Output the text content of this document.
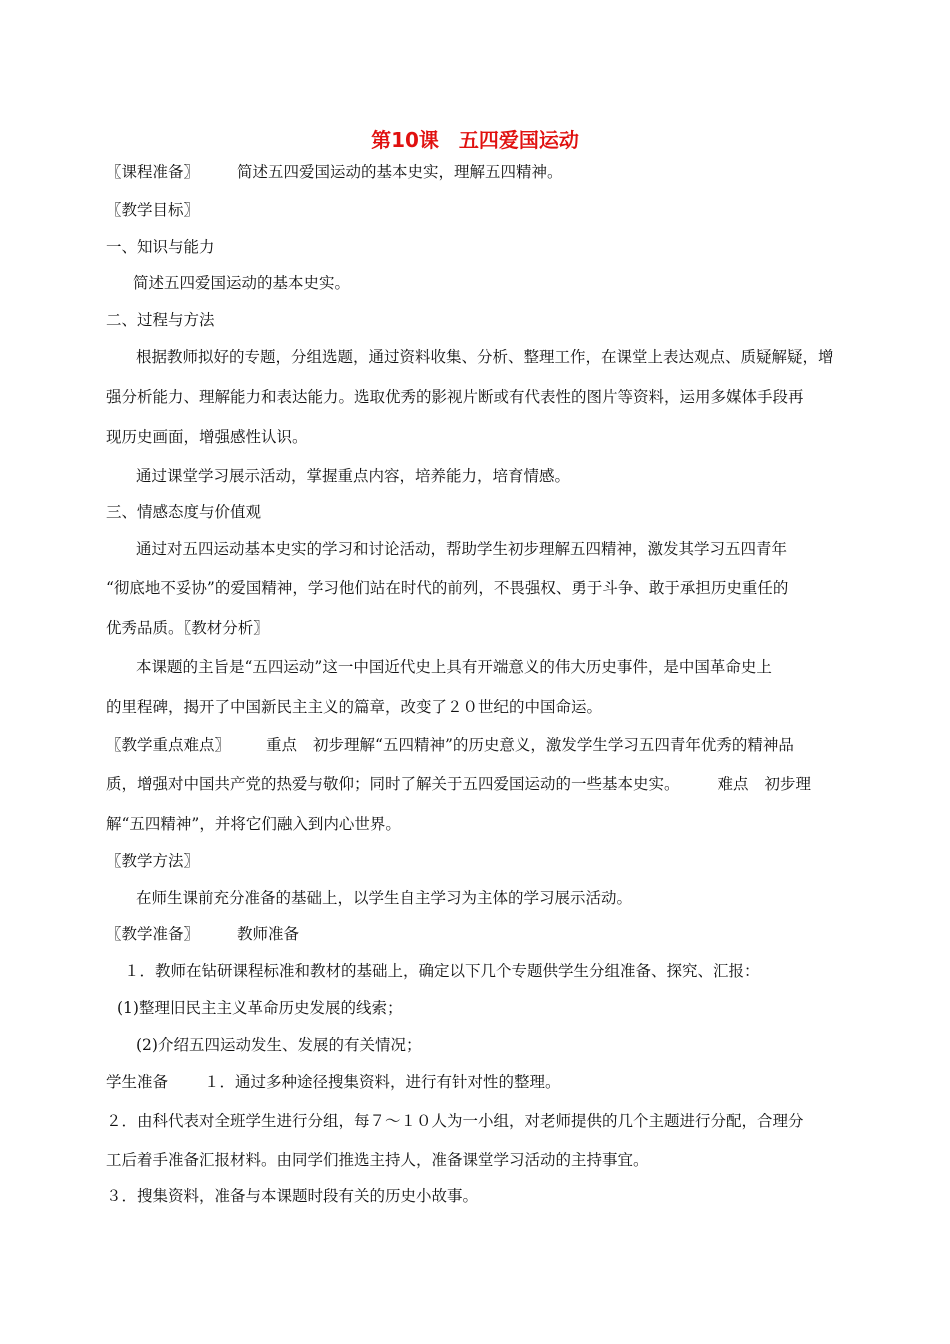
第10课　五四爱国运动
〖课程准备〗 简述五四爱国运动的基本史实，理解五四精神。
〖教学目标〗
一、知识与能力
简述五四爱国运动的基本史实。
二、过程与方法
根据教师拟好的专题，分组选题，通过资料收集、分析、整理工作，在课堂上表达观点、质疑解疑，增
强分析能力、理解能力和表达能力。选取优秀的影视片断或有代表性的图片等资料，运用多媒体手段再
现历史画面，增强感性认识。
通过课堂学习展示活动，掌握重点内容，培养能力，培育情感。
三、情感态度与价值观
通过对五四运动基本史实的学习和讨论活动，帮助学生初步理解五四精神，激发其学习五四青年
“彻底地不妥协”的爱国精神，学习他们站在时代的前列，不畏强权、勇于斗争、敢于承担历史重任的
优秀品质。〖教材分析〗
本课题的主旨是“五四运动”这一中国近代史上具有开端意义的伟大历史事件，是中国革命史上
的里程碑，揭开了中国新民主主义的篇章，改变了２０世纪的中国命运。
〖教学重点难点〗 重点 初步理解“五四精神”的历史意义，激发学生学习五四青年优秀的精神品
质，增强对中国共产党的热爱与敬仰；同时了解关于五四爱国运动的一些基本史实。 难点 初步理
解“五四精神”，并将它们融入到内心世界。
〖教学方法〗
在师生课前充分准备的基础上，以学生自主学习为主体的学习展示活动。
〖教学准备〗 教师准备
１．教师在钻研课程标准和教材的基础上，确定以下几个专题供学生分组准备、探究、汇报：
(1)整理旧民主主义革命历史发展的线索；
(2)介绍五四运动发生、发展的有关情况；
学生准备 １．通过多种途径搜集资料，进行有针对性的整理。
２．由科代表对全班学生进行分组，每７～１０人为一小组，对老师提供的几个主题进行分配，合理分
工后着手准备汇报材料。由同学们推选主持人，准备课堂学习活动的主持事宜。
３．搜集资料，准备与本课题时段有关的历史小故事。
